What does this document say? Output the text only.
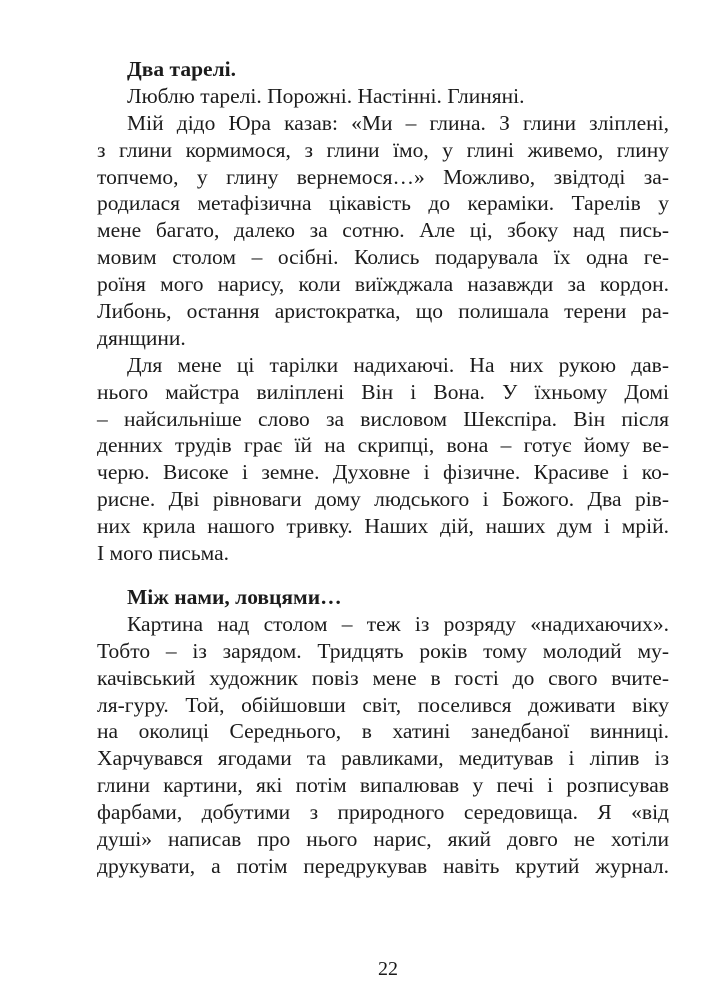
Два тарелі.
Люблю тарелі. Порожні. Настінні. Глиняні.
Мій дідо Юра казав: «Ми – глина. З глини зліплені,
з глини кормимося, з глини їмо, у глині живемо, глину
топчемо, у глину вернемося…» Можливо, звідтоді за-
родилася метафізична цікавість до кераміки. Тарелів у
мене багато, далеко за сотню. Але ці, збоку над пись-
мовим столом – осібні. Колись подарувала їх одна ге-
роїня мого нарису, коли виїжджала назавжди за кордон.
Либонь, остання аристократка, що полишала терени ра-
дянщини.
Для мене ці тарілки надихаючі. На них рукою дав-
нього майстра виліплені Він і Вона. У їхньому Домі
– найсильніше слово за висловом Шекспіра. Він після
денних трудів грає їй на скрипці, вона – готує йому ве-
черю. Високе і земне. Духовне і фізичне. Красиве і ко-
рисне. Дві рівноваги дому людського і Божого. Два рів-
них крила нашого тривку. Наших дій, наших дум і мрій.
І мого письма.
Між нами, ловцями…
Картина над столом – теж із розряду «надихаючих».
Тобто – із зарядом. Тридцять років тому молодий му-
качівський художник повіз мене в гості до свого вчите-
ля-гуру. Той, обійшовши світ, поселився доживати віку
на околиці Середнього, в хатині занедбаної винниці.
Харчувався ягодами та равликами, медитував і ліпив із
глини картини, які потім випалював у печі і розписував
фарбами, добутими з природного середовища. Я «від
душі» написав про нього нарис, який довго не хотіли
друкувати, а потім передрукував навіть крутий журнал.
22
